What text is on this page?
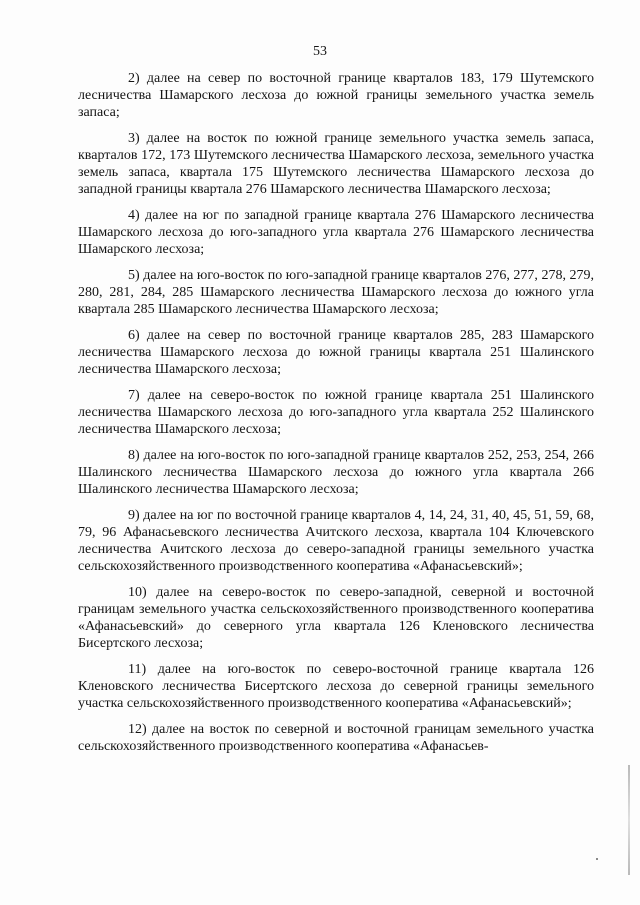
53

2) далее на север по восточной границе кварталов 183, 179 Шутемского лесничества Шамарского лесхоза до южной границы земельного участка земель запаса;

3) далее на восток по южной границе земельного участка земель запаса, кварталов 172, 173 Шутемского лесничества Шамарского лесхоза, земельного участка земель запаса, квартала 175 Шутемского лесничества Шамарского лесхоза до западной границы квартала 276 Шамарского лесничества Шамарского лесхоза;

4) далее на юг по западной границе квартала 276 Шамарского лесничества Шамарского лесхоза до юго-западного угла квартала 276 Шамарского лесничества Шамарского лесхоза;

5) далее на юго-восток по юго-западной границе кварталов 276, 277, 278, 279, 280, 281, 284, 285 Шамарского лесничества Шамарского лесхоза до южного угла квартала 285 Шамарского лесничества Шамарского лесхоза;

6) далее на север по восточной границе кварталов 285, 283 Шамарского лесничества Шамарского лесхоза до южной границы квартала 251 Шалинского лесничества Шамарского лесхоза;

7) далее на северо-восток по южной границе квартала 251 Шалинского лесничества Шамарского лесхоза до юго-западного угла квартала 252 Шалинского лесничества Шамарского лесхоза;

8) далее на юго-восток по юго-западной границе кварталов 252, 253, 254, 266 Шалинского лесничества Шамарского лесхоза до южного угла квартала 266 Шалинского лесничества Шамарского лесхоза;

9) далее на юг по восточной границе кварталов 4, 14, 24, 31, 40, 45, 51, 59, 68, 79, 96 Афанасьевского лесничества Ачитского лесхоза, квартала 104 Ключевского лесничества Ачитского лесхоза до северо-западной границы земельного участка сельскохозяйственного производственного кооператива «Афанасьевский»;

10) далее на северо-восток по северо-западной, северной и восточной границам земельного участка сельскохозяйственного производственного кооператива «Афанасьевский» до северного угла квартала 126 Кленовского лесничества Бисертского лесхоза;

11) далее на юго-восток по северо-восточной границе квартала 126 Кленовского лесничества Бисертского лесхоза до северной границы земельного участка сельскохозяйственного производственного кооператива «Афанасьевский»;

12) далее на восток по северной и восточной границам земельного участка сельскохозяйственного производственного кооператива «Афанасьев-
